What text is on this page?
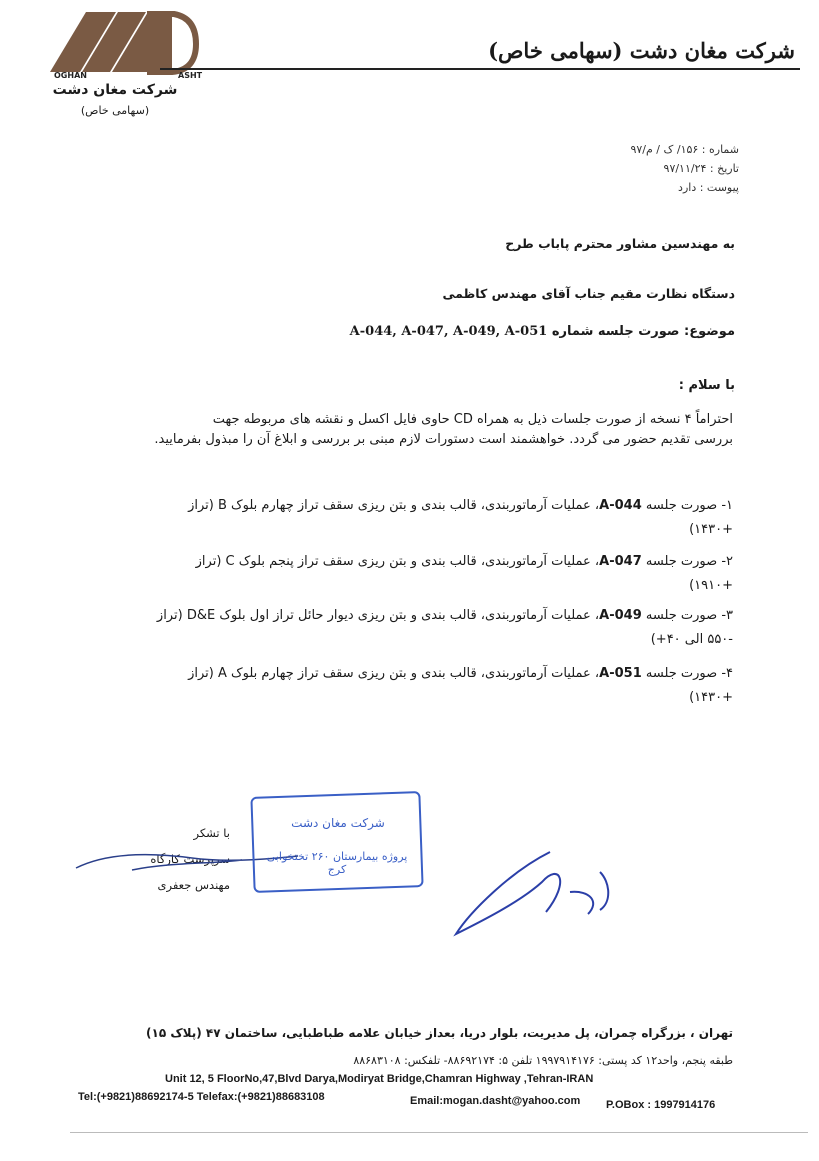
OGHAN	ASHT
شرکت مغان دشت
(سهامی خاص)
شرکت مغان دشت (سهامی خاص)
شماره : ۱۵۶/ ک / م/۹۷
تاریخ : ۹۷/۱۱/۲۴
پیوست : دارد
به مهندسین مشاور محترم پاباب طرح
دستگاه نظارت مقیم جناب آقای مهندس کاظمی
موضوع: صورت جلسه شماره A-044, A-047, A-049, A-051
با سلام :
احتراماً ۴ نسخه از صورت جلسات ذیل به همراه CD حاوی فایل اکسل و نقشه های مربوطه جهت
بررسی تقدیم حضور می گردد. خواهشمند است دستورات لازم مبنی بر بررسی و ابلاغ آن را مبذول بفرمایید.
۱- صورت جلسه A-044، عملیات آرماتوربندی، قالب بندی و بتن ریزی سقف تراز چهارم بلوک B (تراز
+۱۴۳۰)
۲- صورت جلسه A-047، عملیات آرماتوربندی، قالب بندی و بتن ریزی سقف تراز پنجم بلوک C (تراز
+۱۹۱۰)
۳- صورت جلسه A-049، عملیات آرماتوربندی، قالب بندی و بتن ریزی دیوار حائل تراز اول بلوک D&E (تراز
-۵۵۰ الی ۴۰+)
۴- صورت جلسه A-051، عملیات آرماتوربندی، قالب بندی و بتن ریزی سقف تراز چهارم بلوک A (تراز
+۱۴۳۰)
با تشکر
سرپرست کارگاه
مهندس جعفری
شرکت مغان دشت
پروژه بیمارستان ۲۶۰ تختخوابی کرج
تهران ، بزرگراه چمران، پل مدیریت، بلوار دریا، بعداز خیابان علامه طباطبایی، ساختمان ۴۷ (پلاک ۱۵)
طبقه پنجم، واحد۱۲ کد پستی: ۱۹۹۷۹۱۴۱۷۶ تلفن ۵: ۸۸۶۹۲۱۷۴- تلفکس: ۸۸۶۸۳۱۰۸
Unit 12, 5 FloorNo,47,Blvd Darya,Modiryat Bridge,Chamran Highway ,Tehran-IRAN
Tel:(+9821)88692174-5 Telefax:(+9821)88683108	Email:mogan.dasht@yahoo.com P.OBox : 1997914176
